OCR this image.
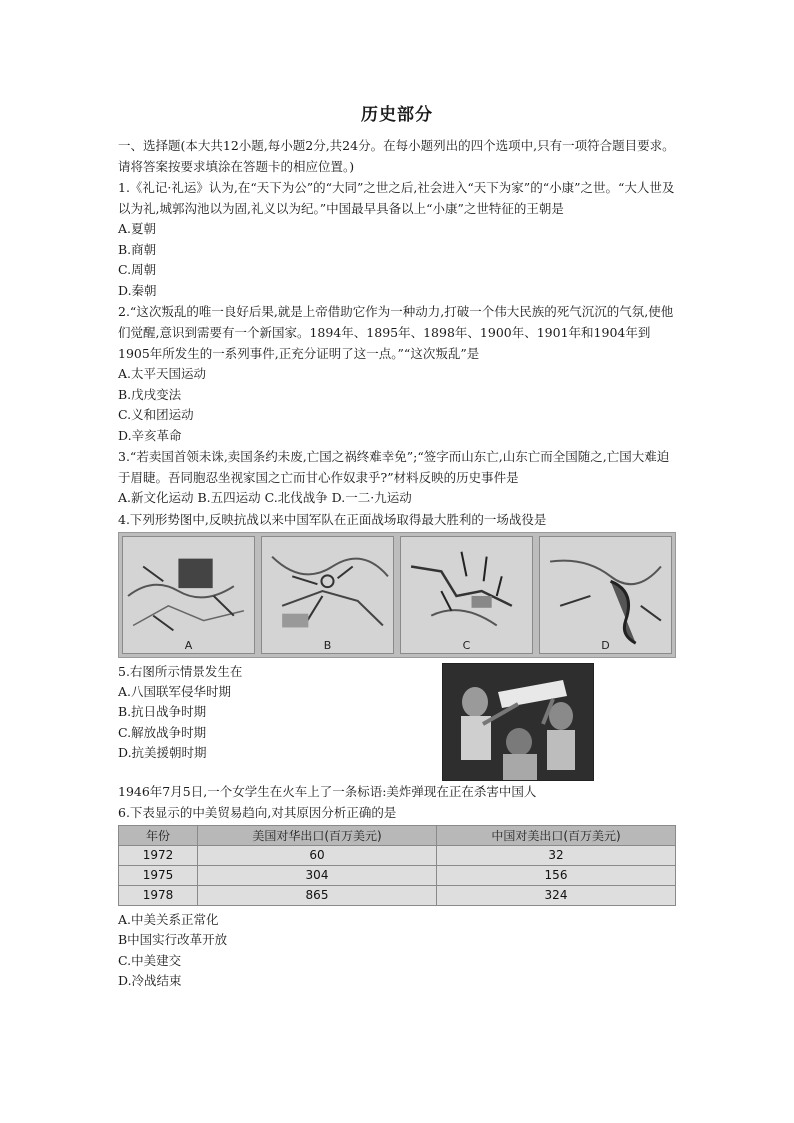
历史部分

一、选择题(本大共12小题,每小题2分,共24分。在每小题列出的四个选项中,只有一项符合题目要求。请将答案按要求填涂在答题卡的相应位置。)

1.《礼记·礼运》认为,在“天下为公”的“大同”之世之后,社会进入“天下为家”的“小康”之世。“大人世及以为礼,城郭沟池以为固,礼义以为纪。”中国最早具备以上“小康”之世特征的王朝是

A.夏朝

B.商朝

C.周朝

D.秦朝

2.“这次叛乱的唯一良好后果,就是上帝借助它作为一种动力,打破一个伟大民族的死气沉沉的气氛,使他们觉醒,意识到需要有一个新国家。1894年、1895年、1898年、1900年、1901年和1904年到1905年所发生的一系列事件,正充分证明了这一点。”“这次叛乱”是

A.太平天国运动

B.戊戌变法

C.义和团运动

D.辛亥革命

3.“若卖国首领未诛,卖国条约未废,亡国之祸终难幸免”;“签字而山东亡,山东亡而全国随之,亡国大难迫于眉睫。吾同胞忍坐视家国之亡而甘心作奴隶乎?”材料反映的历史事件是

A.新文化运动 B.五四运动 C.北伐战争 D.一二·九运动

4.下列形势图中,反映抗战以来中国军队在正面战场取得最大胜利的一场战役是

A	B	C	D

5.右图所示情景发生在

A.八国联军侵华时期

B.抗日战争时期

C.解放战争时期

D.抗美援朝时期

1946年7月5日,一个女学生在火车上了一条标语:美炸弹现在正在杀害中国人

6.下表显示的中美贸易趋向,对其原因分析正确的是

年份	美国对华出口(百万美元)	中国对美出口(百万美元)
1972	60	32
1975	304	156
1978	865	324

A.中美关系正常化

B中国实行改革开放

C.中美建交

D.冷战结束
